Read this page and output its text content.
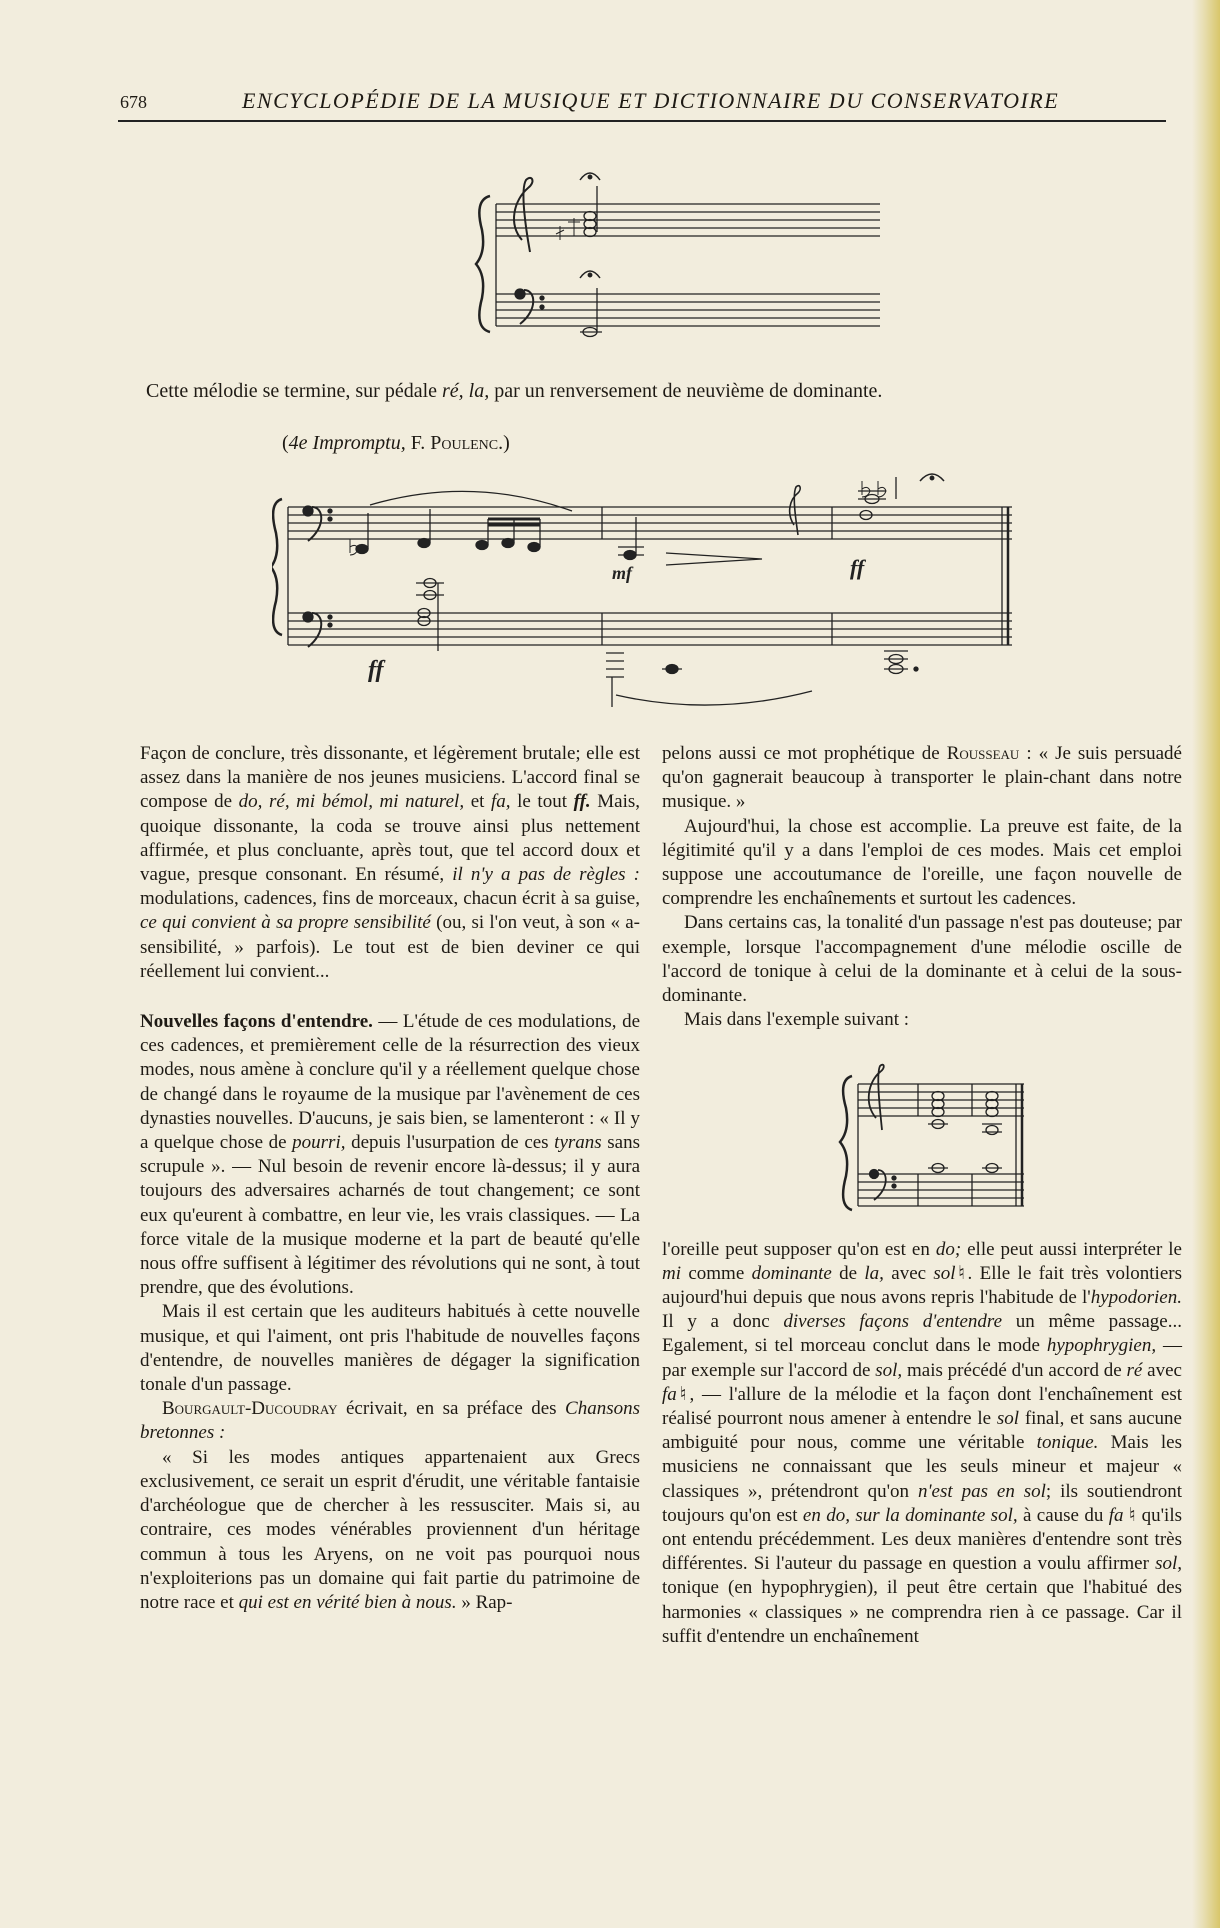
678	ENCYCLOPÉDIE DE LA MUSIQUE ET DICTIONNAIRE DU CONSERVATOIRE
Cette mélodie se termine, sur pédale ré, la, par un renversement de neuvième de dominante.
(4e Impromptu, F. Poulenc.)
ff
mf	ff

Façon de conclure, très dissonante, et légèrement brutale; elle est assez dans la manière de nos jeunes musiciens. L'accord final se compose de do, ré, mi bémol, mi naturel, et fa, le tout ff. Mais, quoique dissonante, la coda se trouve ainsi plus nettement affirmée, et plus concluante, après tout, que tel accord doux et vague, presque consonant. En résumé, il n'y a pas de règles : modulations, cadences, fins de morceaux, chacun écrit à sa guise, ce qui convient à sa propre sensibilité (ou, si l'on veut, à son « a-sensibilité, » parfois). Le tout est de bien deviner ce qui réellement lui convient...

Nouvelles façons d'entendre. — L'étude de ces modulations, de ces cadences, et premièrement celle de la résurrection des vieux modes, nous amène à conclure qu'il y a réellement quelque chose de changé dans le royaume de la musique par l'avènement de ces dynasties nouvelles. D'aucuns, je sais bien, se lamenteront : « Il y a quelque chose de pourri, depuis l'usurpation de ces tyrans sans scrupule ». — Nul besoin de revenir encore là-dessus; il y aura toujours des adversaires acharnés de tout changement; ce sont eux qu'eurent à combattre, en leur vie, les vrais classiques. — La force vitale de la musique moderne et la part de beauté qu'elle nous offre suffisent à légitimer des révolutions qui ne sont, à tout prendre, que des évolutions.

Mais il est certain que les auditeurs habitués à cette nouvelle musique, et qui l'aiment, ont pris l'habitude de nouvelles façons d'entendre, de nouvelles manières de dégager la signification tonale d'un passage.

Bourgault-Ducoudray écrivait, en sa préface des Chansons bretonnes :

« Si les modes antiques appartenaient aux Grecs exclusivement, ce serait un esprit d'érudit, une véritable fantaisie d'archéologue que de chercher à les ressusciter. Mais si, au contraire, ces modes vénérables proviennent d'un héritage commun à tous les Aryens, on ne voit pas pourquoi nous n'exploiterions pas un domaine qui fait partie du patrimoine de notre race et qui est en vérité bien à nous. » Rap-

pelons aussi ce mot prophétique de Rousseau : « Je suis persuadé qu'on gagnerait beaucoup à transporter le plain-chant dans notre musique. »

Aujourd'hui, la chose est accomplie. La preuve est faite, de la légitimité qu'il y a dans l'emploi de ces modes. Mais cet emploi suppose une accoutumance de l'oreille, une façon nouvelle de comprendre les enchaînements et surtout les cadences.

Dans certains cas, la tonalité d'un passage n'est pas douteuse; par exemple, lorsque l'accompagnement d'une mélodie oscille de l'accord de tonique à celui de la dominante et à celui de la sous-dominante.

Mais dans l'exemple suivant :

l'oreille peut supposer qu'on est en do; elle peut aussi interpréter le mi comme dominante de la, avec sol♮. Elle le fait très volontiers aujourd'hui depuis que nous avons repris l'habitude de l'hypodorien. Il y a donc diverses façons d'entendre un même passage... Egalement, si tel morceau conclut dans le mode hypophrygien, — par exemple sur l'accord de sol, mais précédé d'un accord de ré avec fa♮, — l'allure de la mélodie et la façon dont l'enchaînement est réalisé pourront nous amener à entendre le sol final, et sans aucune ambiguité pour nous, comme une véritable tonique. Mais les musiciens ne connaissant que les seuls mineur et majeur « classiques », prétendront qu'on n'est pas en sol; ils soutiendront toujours qu'on est en do, sur la dominante sol, à cause du fa ♮ qu'ils ont entendu précédemment. Les deux manières d'entendre sont très différentes. Si l'auteur du passage en question a voulu affirmer sol, tonique (en hypophrygien), il peut être certain que l'habitué des harmonies « classiques » ne comprendra rien à ce passage. Car il suffit d'entendre un enchaînement
